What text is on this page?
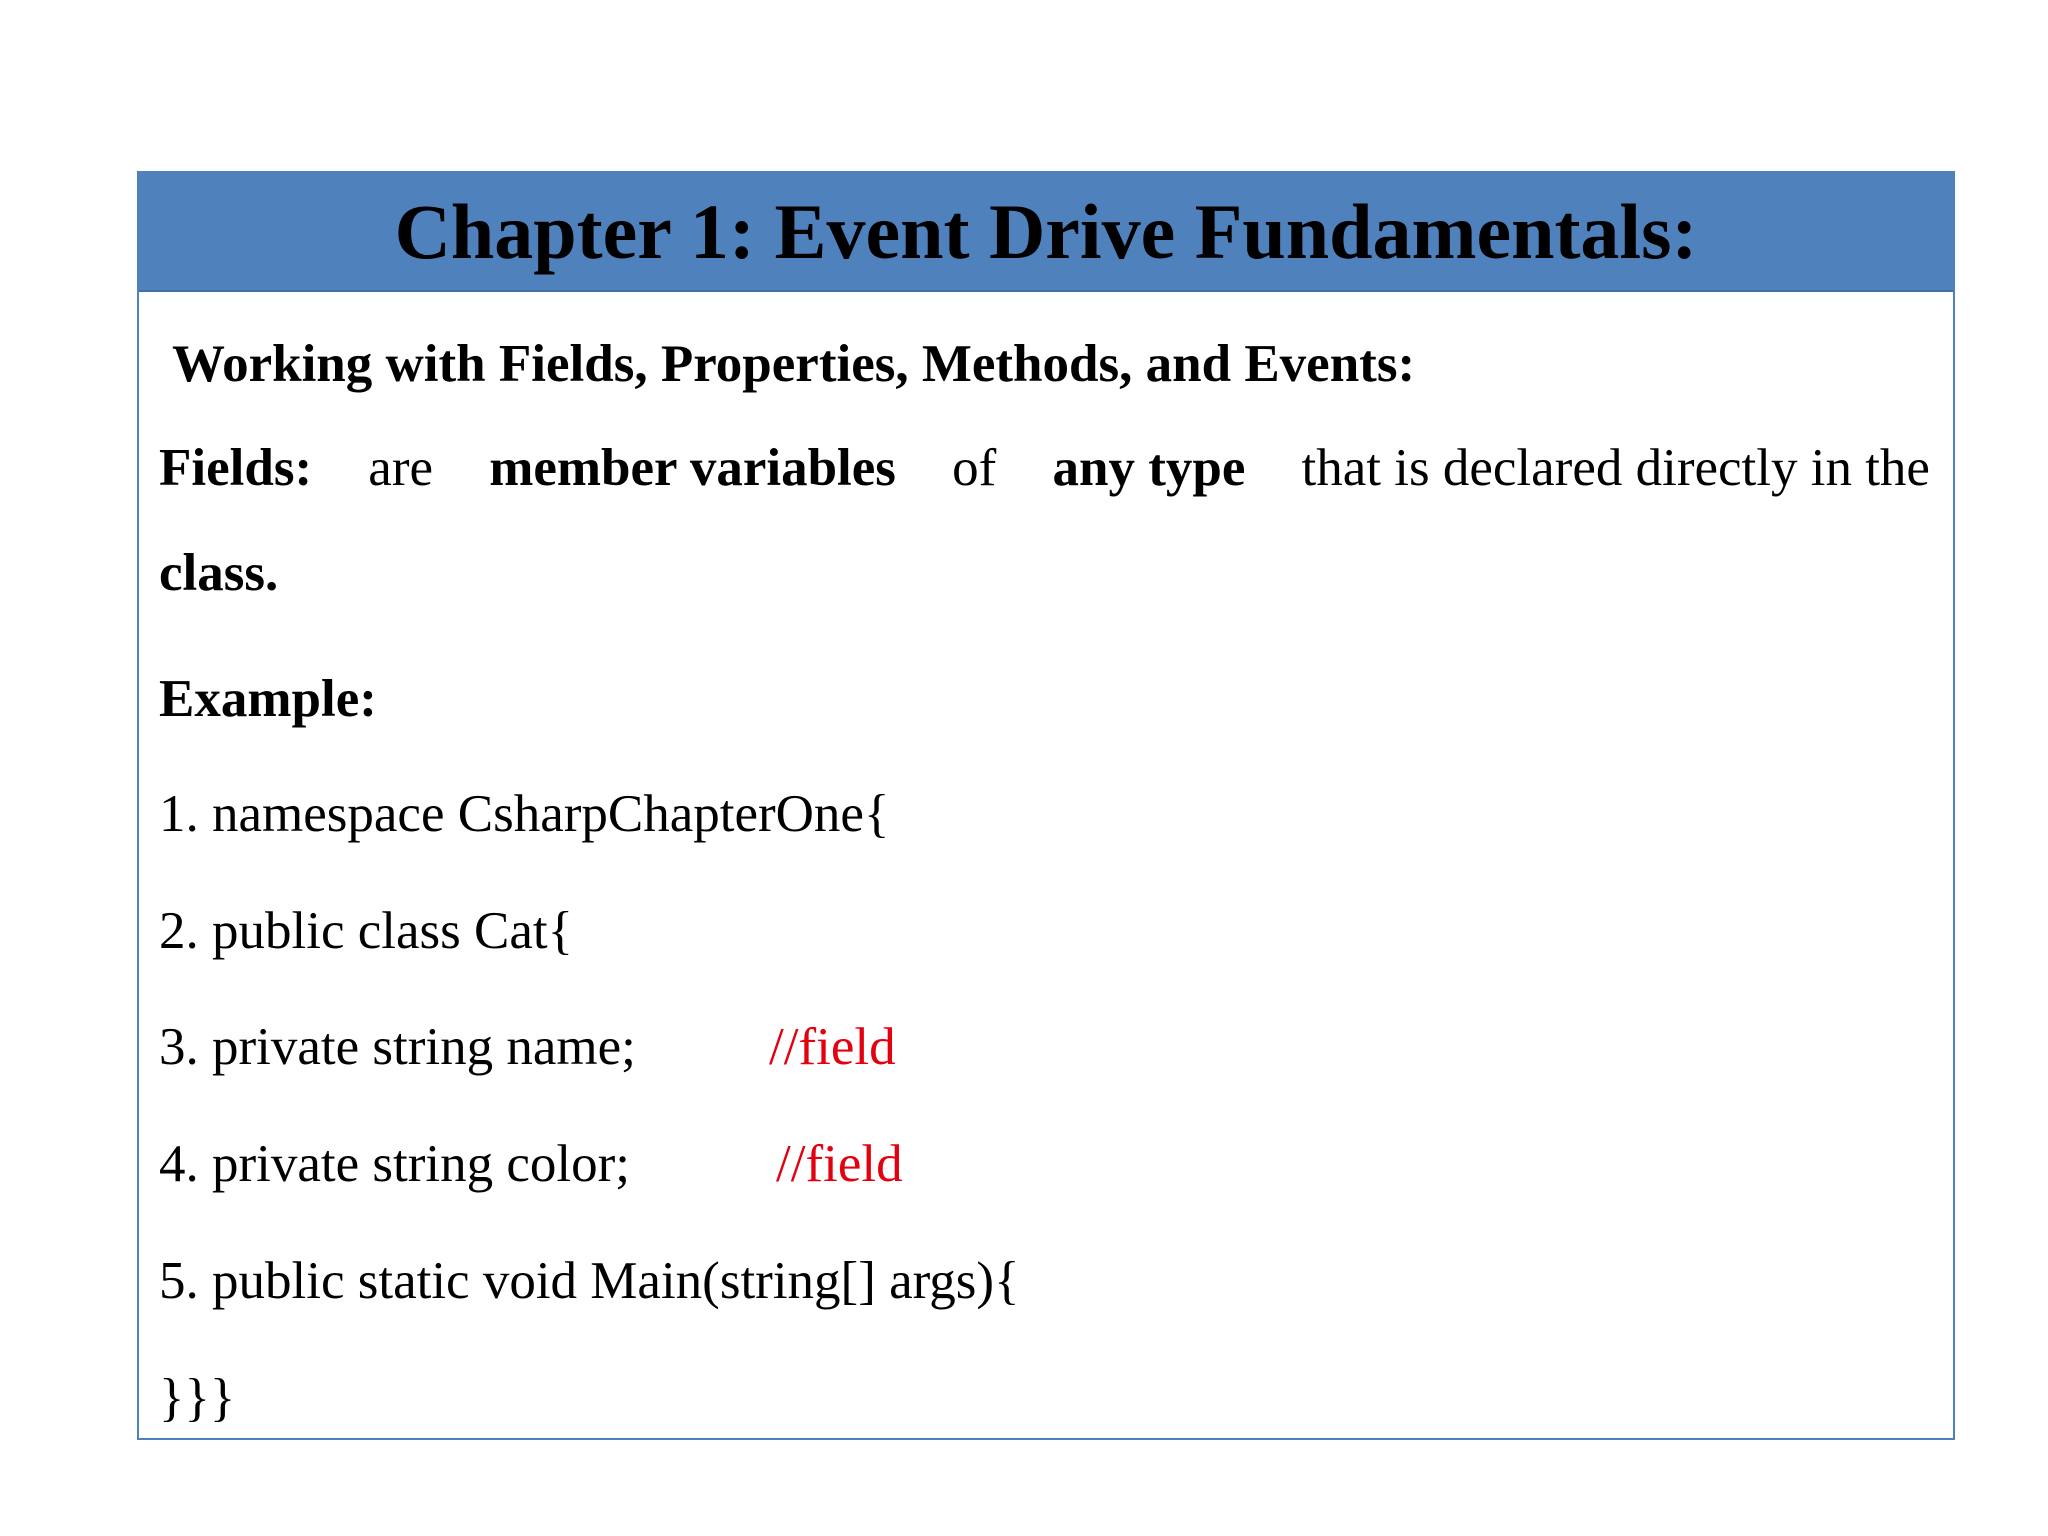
Chapter 1: Event Drive Fundamentals:
Working with Fields, Properties, Methods, and Events:
Fields: are member variables of any type that is declared directly in the
class.
Example:
1. namespace CsharpChapterOne{
2. public class Cat{
3. private string name;	//field
4. private string color;	//field
5. public static void Main(string[] args){
}}}
